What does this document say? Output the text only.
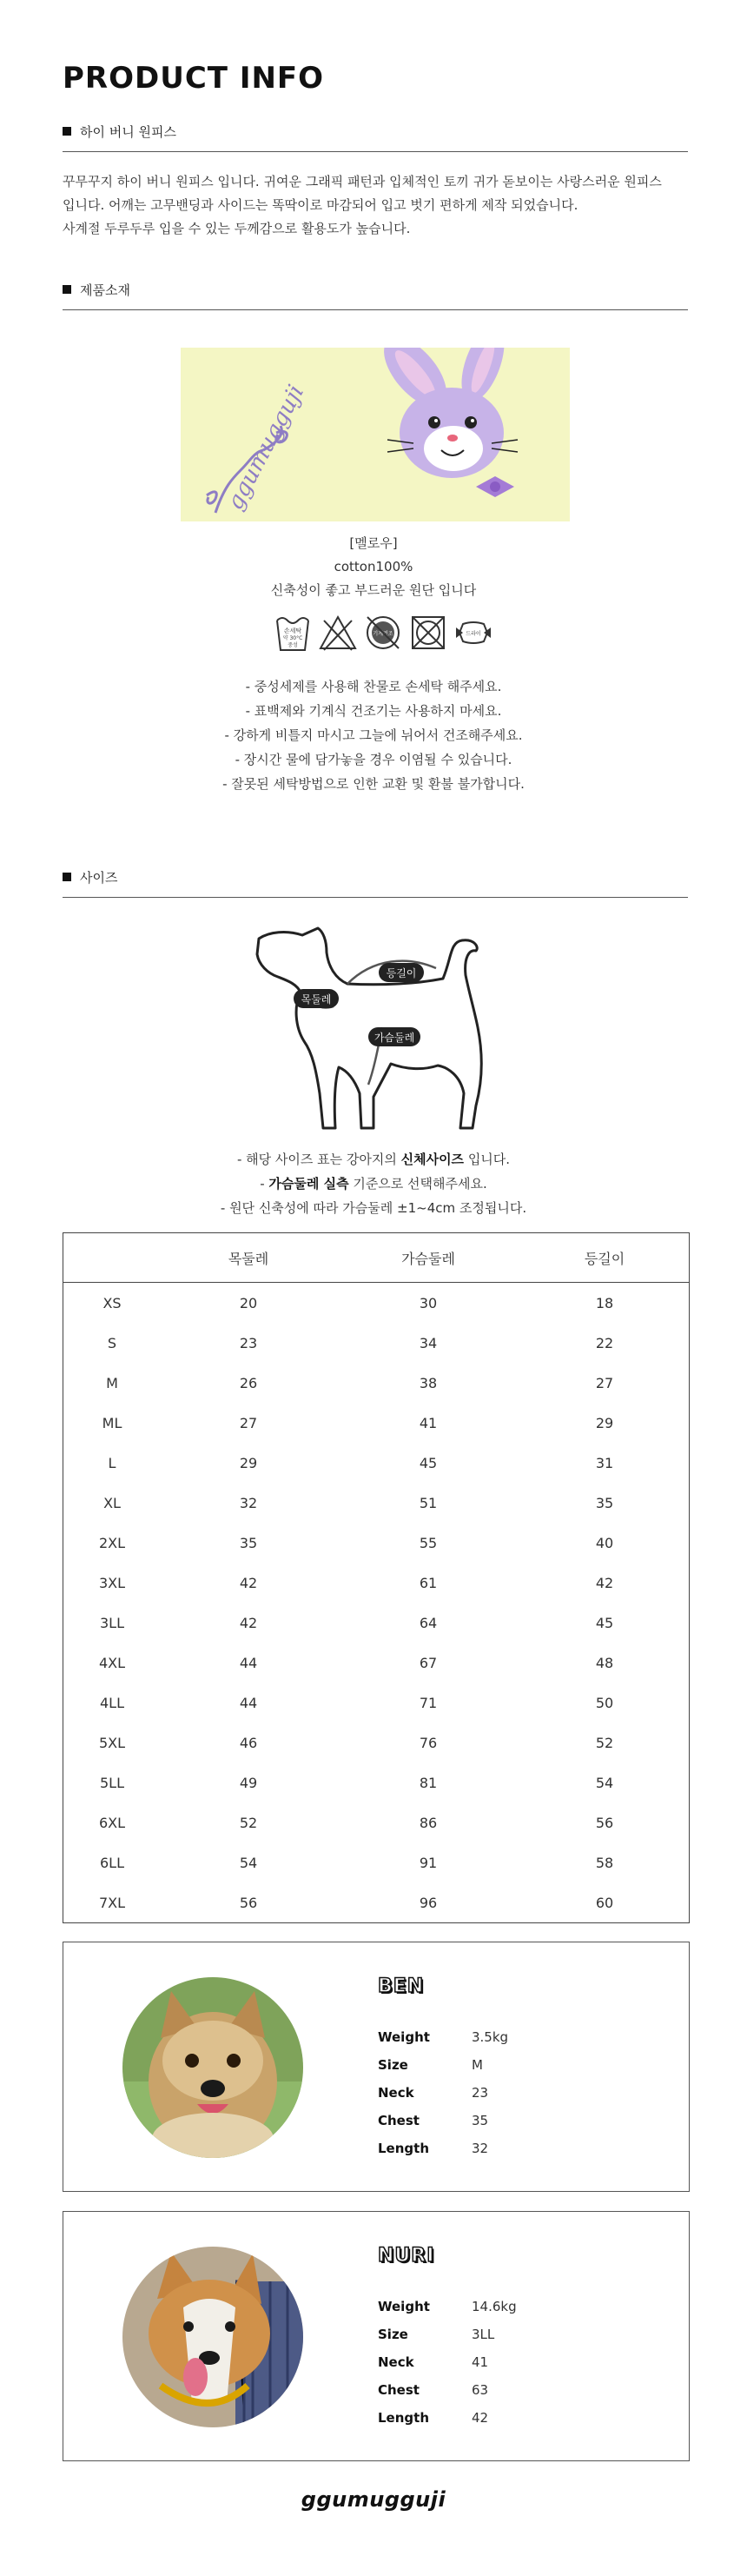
PRODUCT INFO
하이 버니 원피스

꾸무꾸지 하이 버니 원피스 입니다. 귀여운 그래픽 패턴과 입체적인 토끼 귀가 돋보이는 사랑스러운 원피스

입니다. 어깨는 고무밴딩과 사이드는 똑딱이로 마감되어 입고 벗기 편하게 제작 되었습니다.

사계절 두루두루 입을 수 있는 두께감으로 활용도가 높습니다.

제품소재
ggumugguji
[멜로우]
cotton100%
신축성이 좋고 부드러운 원단 입니다
손세탁
약 30°C
중성
기계건조	드라이
- 중성세제를 사용해 찬물로 손세탁 해주세요.
- 표백제와 기계식 건조기는 사용하지 마세요.
- 강하게 비틀지 마시고 그늘에 뉘어서 건조해주세요.
- 장시간 물에 담가놓을 경우 이염될 수 있습니다.
- 잘못된 세탁방법으로 인한 교환 및 환불 불가합니다.
사이즈
목둘레
등길이
가슴둘레
- 해당 사이즈 표는 강아지의 신체사이즈 입니다.
- 가슴둘레 실측 기준으로 선택해주세요.
- 원단 신축성에 따라 가슴둘레 ±1~4cm 조정됩니다.
	목둘레	가슴둘레	등길이
XS	20	30	18
S	23	34	22
M	26	38	27
ML	27	41	29
L	29	45	31
XL	32	51	35
2XL	35	55	40
3XL	42	61	42
3LL	42	64	45
4XL	44	67	48
4LL	44	71	50
5XL	46	76	52
5LL	49	81	54
6XL	52	86	56
6LL	54	91	58
7XL	56	96	60
BEN
Weight	3.5kg
Size	M
Neck	23
Chest	35
Length	32
NURI
Weight	14.6kg
Size	3LL
Neck	41
Chest	63
Length	42
ggumugguji
